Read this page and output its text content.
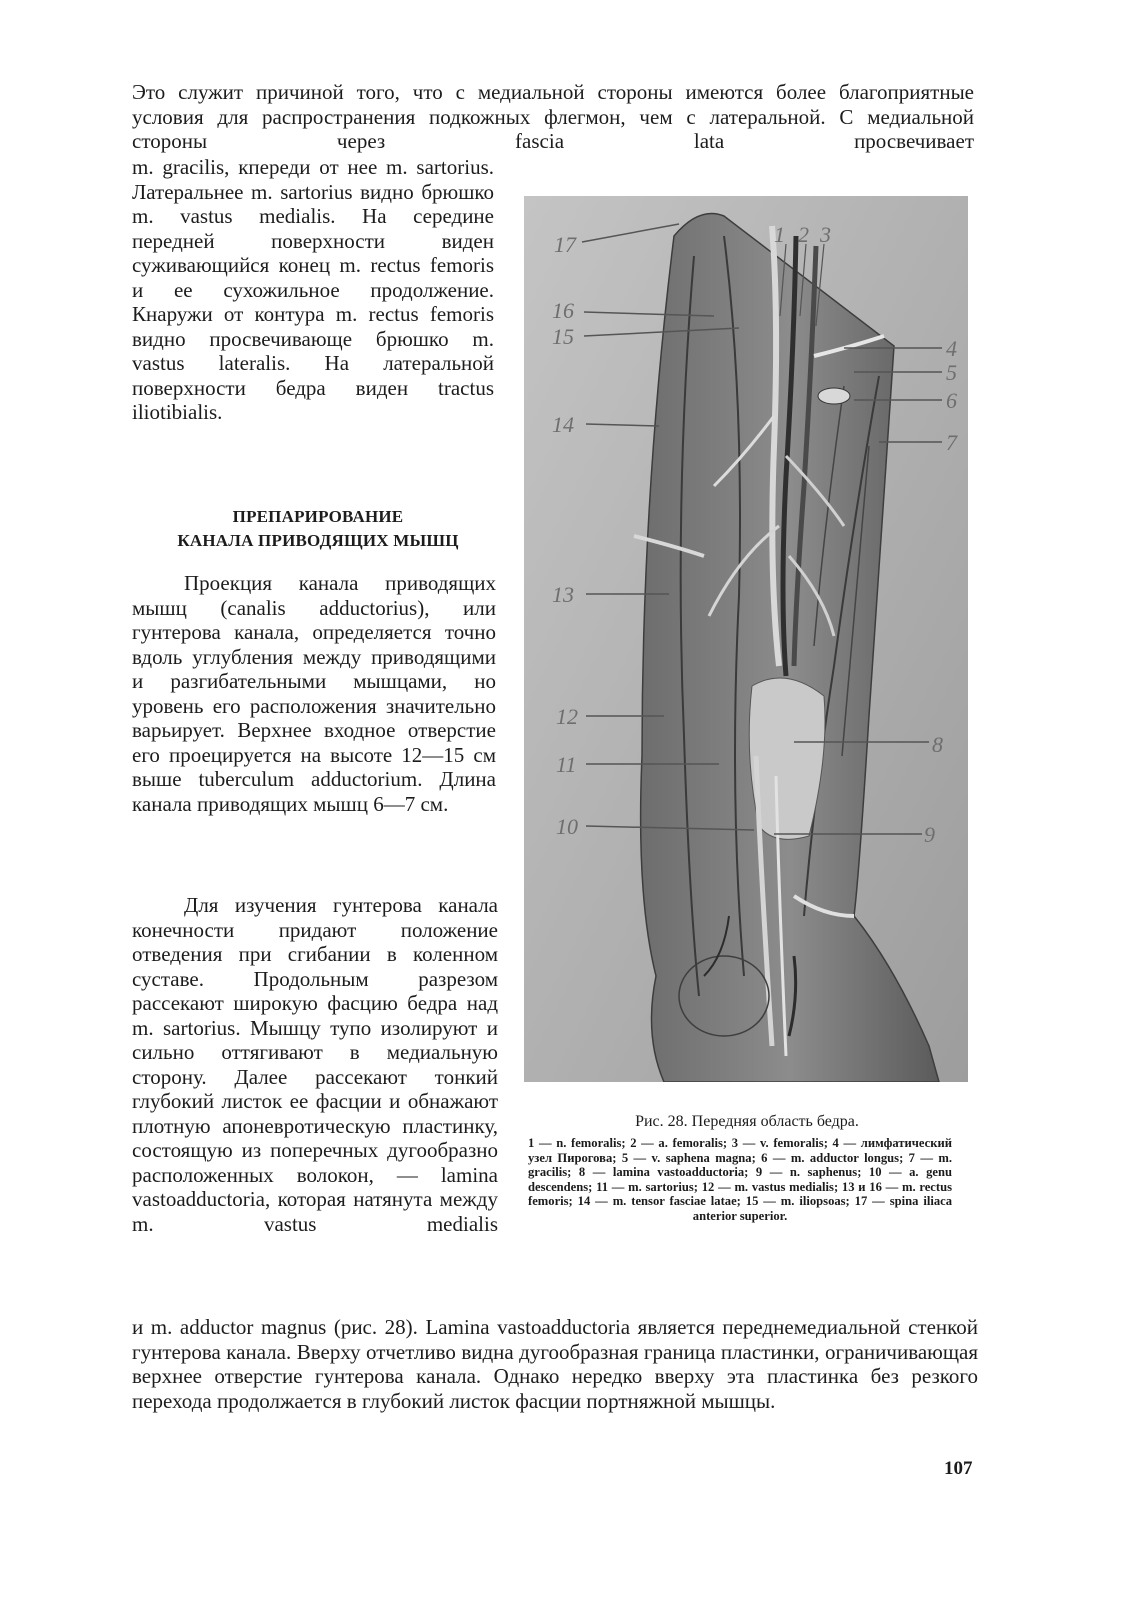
Это служит причиной того, что с медиальной стороны имеются более благоприятные условия для распространения подкожных флегмон, чем с латеральной. С медиальной стороны через fascia lata просвечивает

m. gracilis, кпереди от нее m. sartorius. Латеральнее m. sartorius видно брюшко m. vastus medialis. На середине передней поверхности виден суживающийся конец m. rectus femoris и ее сухожильное продолжение. Кнаружи от контура m. rectus femoris видно просвечивающе брюшко m. vastus lateralis. На латеральной поверхности бедра виден tractus iliotibialis.

ПРЕПАРИРОВАНИЕ
КАНАЛА ПРИВОДЯЩИХ МЫШЦ

Проекция канала приводящих мышц (canalis adductorius), или гунтерова канала, определяется точно вдоль углубления между приводящими и разгибательными мышцами, но уровень его расположения значительно варьирует. Верхнее входное отверстие его проецируется на высоте 12—15 см выше tuberculum adductorium. Длина канала приводящих мышц 6—7 см.

Для изучения гунтерова канала конечности придают положение отведения при сгибании в коленном суставе. Продольным разрезом рассекают широкую фасцию бедра над m. sartorius. Мышцу тупо изолируют и сильно оттягивают в медиальную сторону. Далее рассекают тонкий глубокий листок ее фасции и обнажают плотную апоневротическую пластинку, состоящую из поперечных дугообразно расположенных волокон, — lamina vastoadductoria, которая натянута между m. vastus medialis

и m. adductor magnus (рис. 28). Lamina vastoadductoria является переднемедиальной стенкой гунтерова канала. Вверху отчетливо видна дугообразная граница пластинки, ограничивающая верхнее отверстие гунтерова канала. Однако нередко вверху эта пластинка без резкого перехода продолжается в глубокий листок фасции портняжной мышцы.

17	1 2 3
16
15	4
5
6
7
14
13
12
11
8
10	9

Рис. 28. Передняя область бедра.

1 — n. femoralis; 2 — a. femoralis; 3 — v. femoralis; 4 — лимфатический узел Пирогова; 5 — v. saphena magna; 6 — m. adductor longus; 7 — m. gracilis; 8 — lamina vastoadductoria; 9 — n. saphenus; 10 — a. genu descendens; 11 — m. sartorius; 12 — m. vastus medialis; 13 и 16 — m. rectus femoris; 14 — m. tensor fasciae latae; 15 — m. iliopsoas; 17 — spina iliaca anterior superior.

107
